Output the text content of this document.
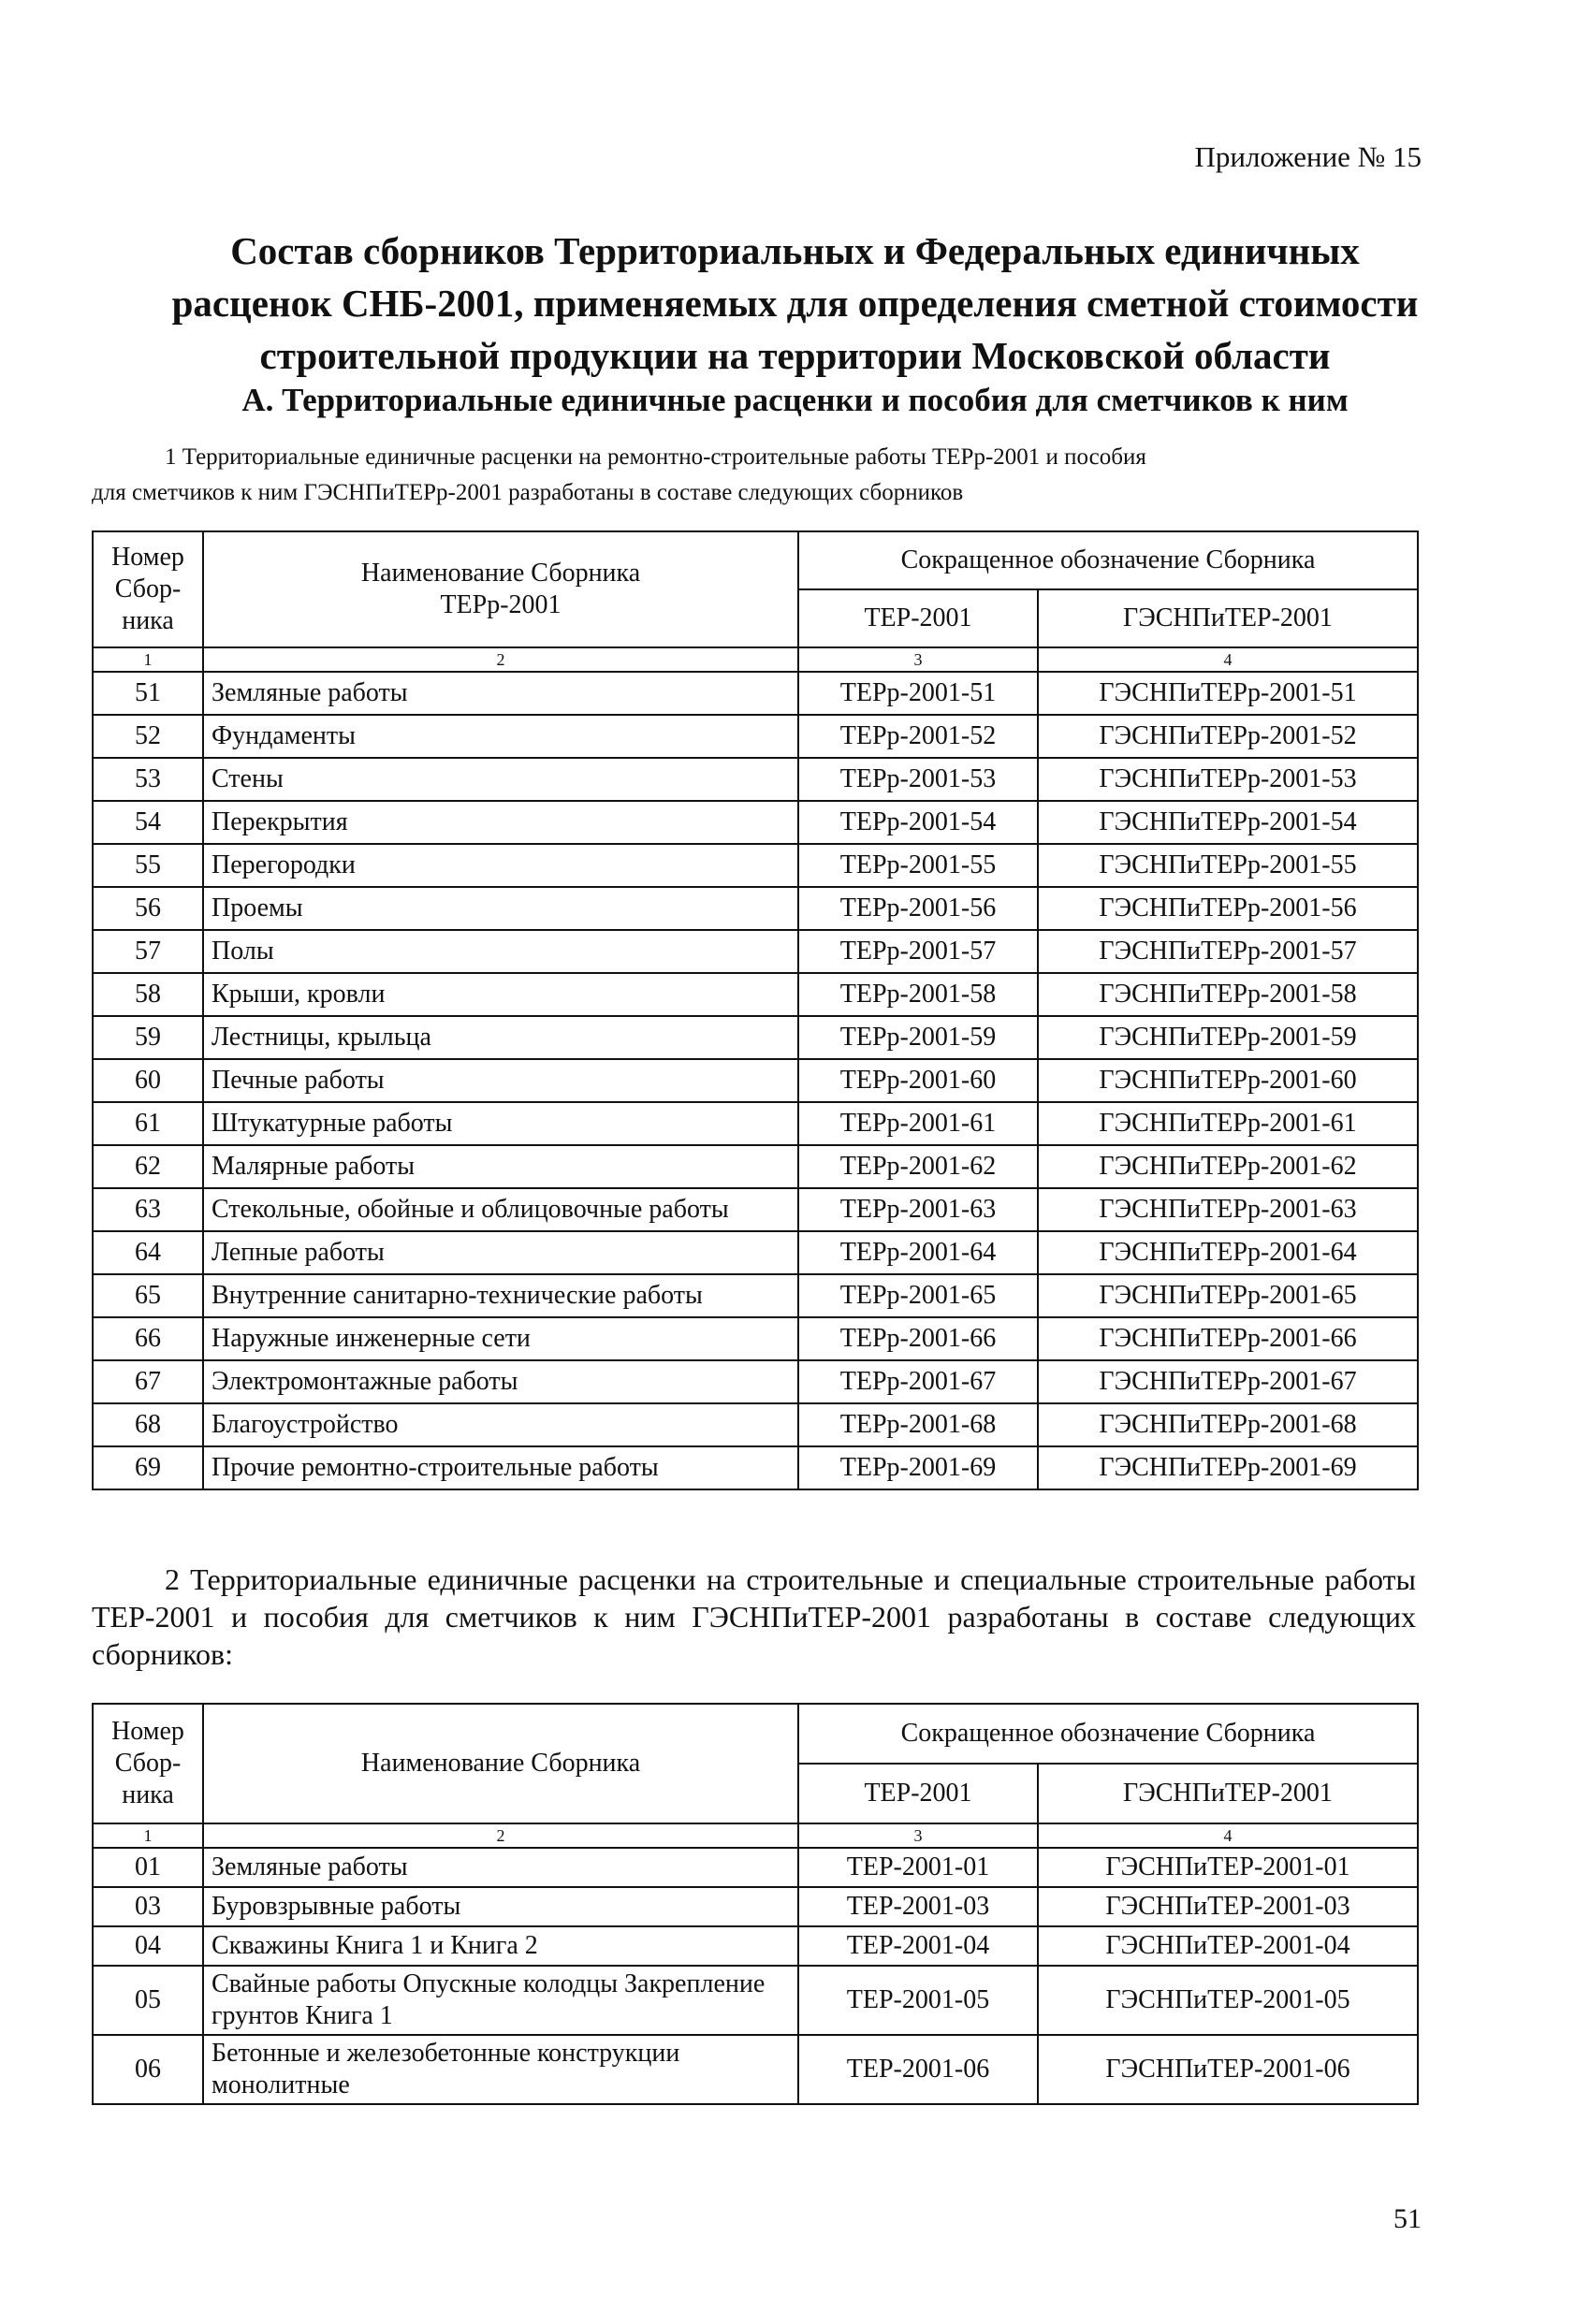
Приложение № 15
Состав сборников Территориальных и Федеральных единичных
расценок СНБ-2001, применяемых для определения сметной стоимости
строительной продукции на территории Московской области
А. Территориальные единичные расценки и пособия для сметчиков к ним
1 Территориальные единичные расценки на ремонтно-строительные работы ТЕРр-2001 и пособия
для сметчиков к ним ГЭСНПиТЕРр-2001 разработаны в составе следующих сборников
Номер Сбор- ника	Наименование Сборника ТЕРр-2001	Сокращенное обозначение Сборника	
		ТЕР-2001	ГЭСНПиТЕР-2001
1	2	3	4
51	Земляные работы	ТЕРр-2001-51	ГЭСНПиТЕРр-2001-51
52	Фундаменты	ТЕРр-2001-52	ГЭСНПиТЕРр-2001-52
53	Стены	ТЕРр-2001-53	ГЭСНПиТЕРр-2001-53
54	Перекрытия	ТЕРр-2001-54	ГЭСНПиТЕРр-2001-54
55	Перегородки	ТЕРр-2001-55	ГЭСНПиТЕРр-2001-55
56	Проемы	ТЕРр-2001-56	ГЭСНПиТЕРр-2001-56
57	Полы	ТЕРр-2001-57	ГЭСНПиТЕРр-2001-57
58	Крыши, кровли	ТЕРр-2001-58	ГЭСНПиТЕРр-2001-58
59	Лестницы, крыльца	ТЕРр-2001-59	ГЭСНПиТЕРр-2001-59
60	Печные работы	ТЕРр-2001-60	ГЭСНПиТЕРр-2001-60
61	Штукатурные работы	ТЕРр-2001-61	ГЭСНПиТЕРр-2001-61
62	Малярные работы	ТЕРр-2001-62	ГЭСНПиТЕРр-2001-62
63	Стекольные, обойные и облицовочные работы	ТЕРр-2001-63	ГЭСНПиТЕРр-2001-63
64	Лепные работы	ТЕРр-2001-64	ГЭСНПиТЕРр-2001-64
65	Внутренние санитарно-технические работы	ТЕРр-2001-65	ГЭСНПиТЕРр-2001-65
66	Наружные инженерные сети	ТЕРр-2001-66	ГЭСНПиТЕРр-2001-66
67	Электромонтажные работы	ТЕРр-2001-67	ГЭСНПиТЕРр-2001-67
68	Благоустройство	ТЕРр-2001-68	ГЭСНПиТЕРр-2001-68
69	Прочие ремонтно-строительные работы	ТЕРр-2001-69	ГЭСНПиТЕРр-2001-69
2 Территориальные единичные расценки на строительные и специальные строительные работы ТЕР-2001 и пособия для сметчиков к ним ГЭСНПиТЕР-2001 разработаны в составе следующих сборников:
Номер Сбор- ника	Наименование Сборника	Сокращенное обозначение Сборника	
		ТЕР-2001	ГЭСНПиТЕР-2001
1	2	3	4
01	Земляные работы	ТЕР-2001-01	ГЭСНПиТЕР-2001-01
03	Буровзрывные работы	ТЕР-2001-03	ГЭСНПиТЕР-2001-03
04	Скважины Книга 1 и Книга 2	ТЕР-2001-04	ГЭСНПиТЕР-2001-04
05	Свайные работы Опускные колодцы Закрепление грунтов Книга 1	ТЕР-2001-05	ГЭСНПиТЕР-2001-05
06	Бетонные и железобетонные конструкции монолитные	ТЕР-2001-06	ГЭСНПиТЕР-2001-06
51
